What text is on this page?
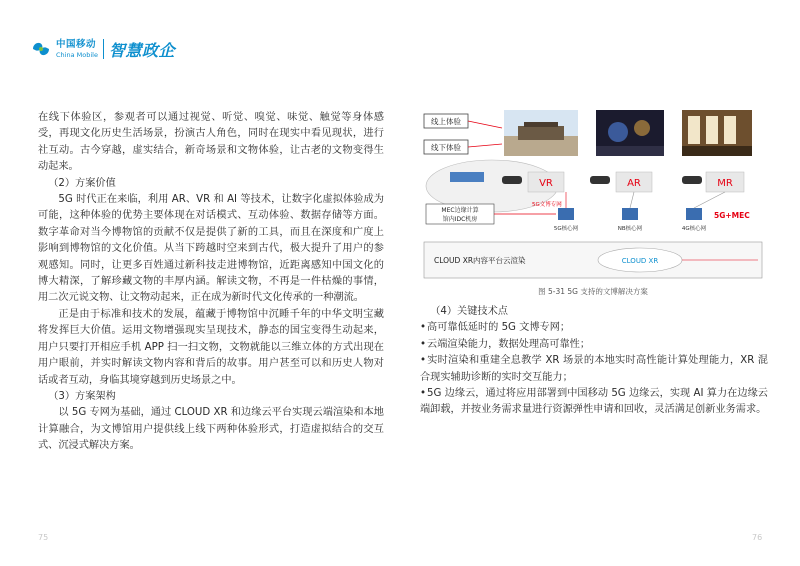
中国移动
China Mobile 智慧政企

在线下体验区，参观者可以通过视觉、听觉、嗅觉、味觉、触觉等身体感受，再现文化历史生活场景，扮演古人角色，同时在现实中看见现状，进行社互动。古今穿越，虚实结合，新奇场景和文物体验，让古老的文物变得生动起来。

（2）方案价值

5G 时代正在来临，利用 AR、VR 和 AI 等技术，让数字化虚拟体验成为可能，这种体验的优势主要体现在对话模式、互动体验、数据存储等方面。数字革命对当今博物馆的贡献不仅是提供了新的工具，而且在深度和广度上影响到博物馆的文化价值。从当下跨越时空来到古代，极大提升了用户的参观感知。同时，让更多百姓通过新科技走进博物馆，近距离感知中国文化的博大精深，了解珍藏文物的丰厚内涵。解读文物，不再是一件枯燥的事情，用二次元说文物、让文物动起来，正在成为新时代文化传承的一种潮流。

正是由于标准和技术的发展，蕴藏于博物馆中沉睡千年的中华文明宝藏将发挥巨大价值。运用文物增强现实呈现技术，静态的国宝变得生动起来，用户只要打开相应手机 APP 扫一扫文物，文物就能以三维立体的方式出现在用户眼前，并实时解读文物内容和背后的故事。用户甚至可以和历史人物对话或者互动，身临其境穿越到历史场景之中。

（3）方案架构

以 5G 专网为基础，通过 CLOUD XR 和边缘云平台实现云端渲染和本地计算融合，为文博馆用户提供线上线下两种体验形式，打造虚拟结合的交互式、沉浸式解决方案。

线上体验
线下体验
VR	AR	MR
MEC边缘计算
馆内IDC机房
5G文博专网
5G核心网	NB核心网	4G核心网
5G+MEC
CLOUD XR内容平台云渲染	CLOUD XR
图 5-31 5G 支持的文博解决方案

（4）关键技术点

• 高可靠低延时的 5G 文博专网；

• 云端渲染能力，数据处理高可靠性；

• 实时渲染和重建全息教学 XR 场景的本地实时高性能计算处理能力，XR 混合现实辅助诊断的实时交互能力；

• 5G 边缘云，通过将应用部署到中国移动 5G 边缘云，实现 AI 算力在边缘云端卸载，并按业务需求量进行资源弹性申请和回收，灵活满足创新业务需求。

75	76
